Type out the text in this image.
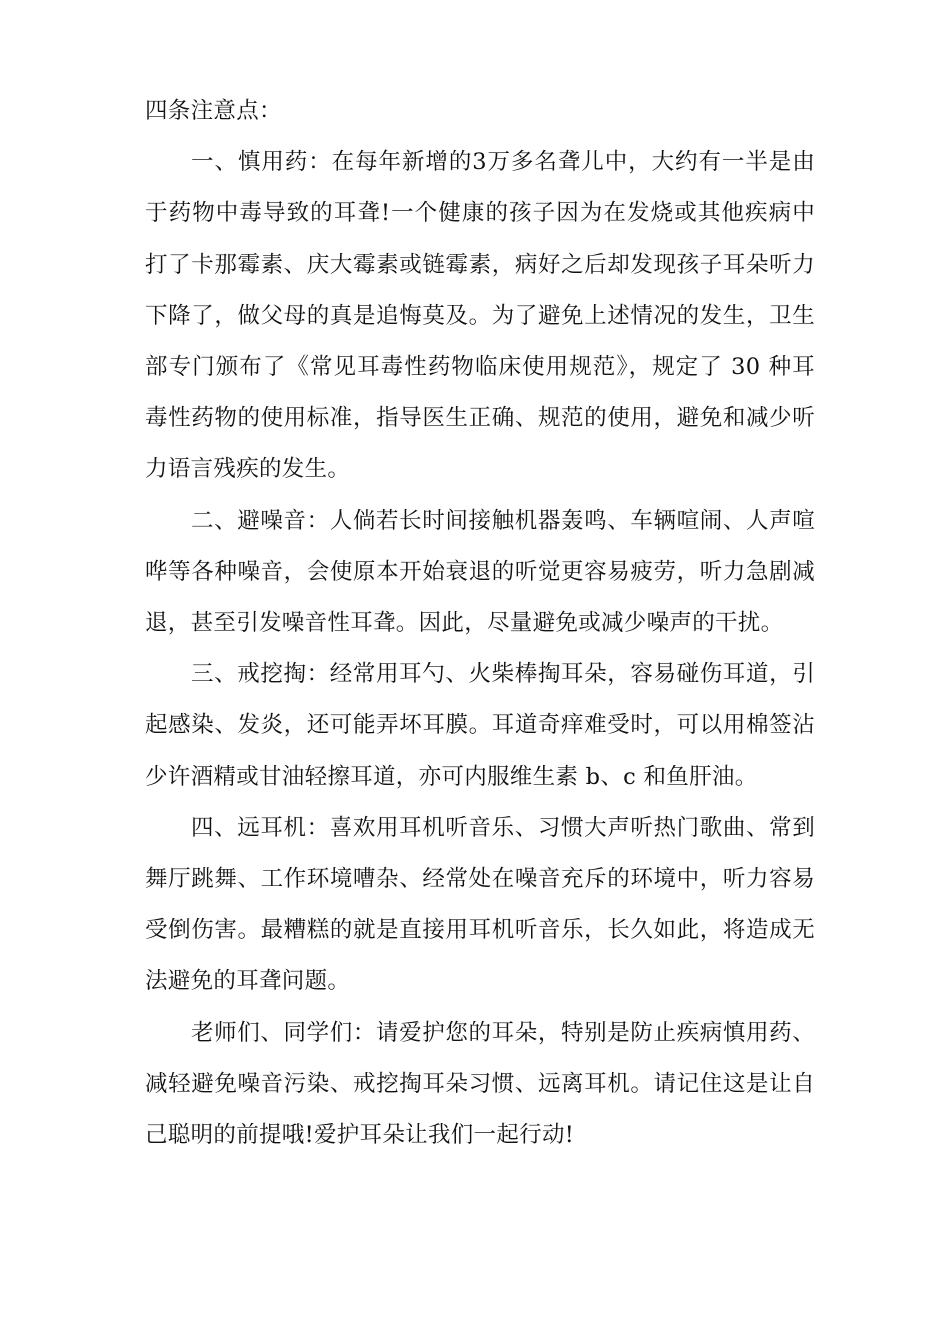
四条注意点：

一、慎用药：在每年新增的3万多名聋儿中，大约有一半是由于药物中毒导致的耳聋!一个健康的孩子因为在发烧或其他疾病中打了卡那霉素、庆大霉素或链霉素，病好之后却发现孩子耳朵听力下降了，做父母的真是追悔莫及。为了避免上述情况的发生，卫生部专门颁布了《常见耳毒性药物临床使用规范》，规定了 30 种耳毒性药物的使用标准，指导医生正确、规范的使用，避免和减少听力语言残疾的发生。

二、避噪音：人倘若长时间接触机器轰鸣、车辆喧闹、人声喧哗等各种噪音，会使原本开始衰退的听觉更容易疲劳，听力急剧减退，甚至引发噪音性耳聋。因此，尽量避免或减少噪声的干扰。

三、戒挖掏：经常用耳勺、火柴棒掏耳朵，容易碰伤耳道，引起感染、发炎，还可能弄坏耳膜。耳道奇痒难受时，可以用棉签沾少许酒精或甘油轻擦耳道，亦可内服维生素 b、c 和鱼肝油。

四、远耳机：喜欢用耳机听音乐、习惯大声听热门歌曲、常到舞厅跳舞、工作环境嘈杂、经常处在噪音充斥的环境中，听力容易受倒伤害。最糟糕的就是直接用耳机听音乐，长久如此，将造成无法避免的耳聋问题。

老师们、同学们：请爱护您的耳朵，特别是防止疾病慎用药、减轻避免噪音污染、戒挖掏耳朵习惯、远离耳机。请记住这是让自己聪明的前提哦!爱护耳朵让我们一起行动!
